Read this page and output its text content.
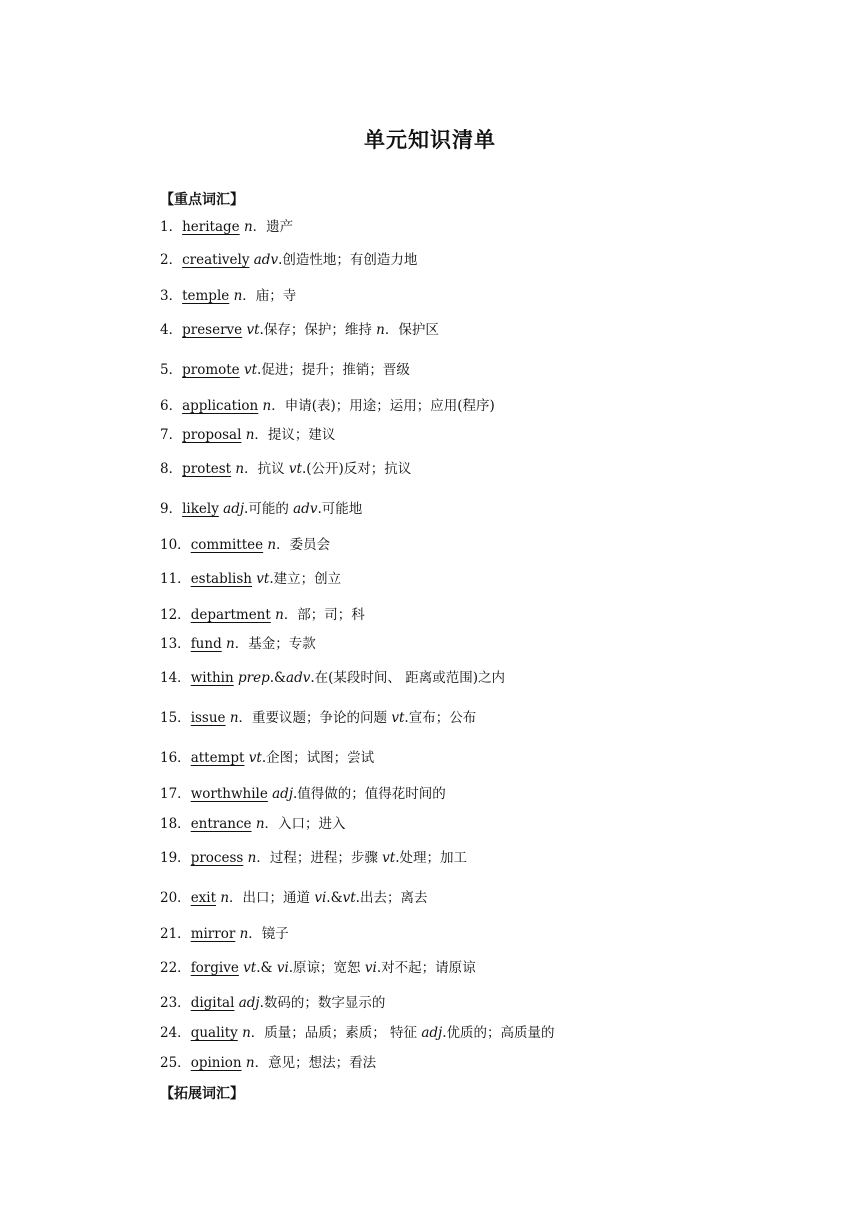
单元知识清单
【重点词汇】
1．heritage n．遗产
2．creatively adv.创造性地；有创造力地
3．temple n．庙；寺
4．preserve vt.保存；保护；维持 n．保护区
5．promote vt.促进；提升；推销；晋级
6．application n．申请(表)；用途；运用；应用(程序)
7．proposal n．提议；建议
8．protest n．抗议 vt.(公开)反对；抗议
9．likely adj.可能的 adv.可能地
10．committee n．委员会
11．establish vt.建立；创立
12．department n．部；司；科
13．fund n．基金；专款
14．within prep.&adv.在(某段时间、 距离或范围)之内
15．issue n．重要议题；争论的问题 vt.宣布；公布
16．attempt vt.企图；试图；尝试
17．worthwhile adj.值得做的；值得花时间的
18．entrance n．入口；进入
19．process n．过程；进程；步骤 vt.处理；加工
20．exit n．出口；通道 vi.&vt.出去；离去
21．mirror n．镜子
22．forgive vt.& vi.原谅；宽恕 vi.对不起；请原谅
23．digital adj.数码的；数字显示的
24．quality n．质量；品质；素质； 特征 adj.优质的；高质量的
25．opinion n．意见；想法；看法
【拓展词汇】
